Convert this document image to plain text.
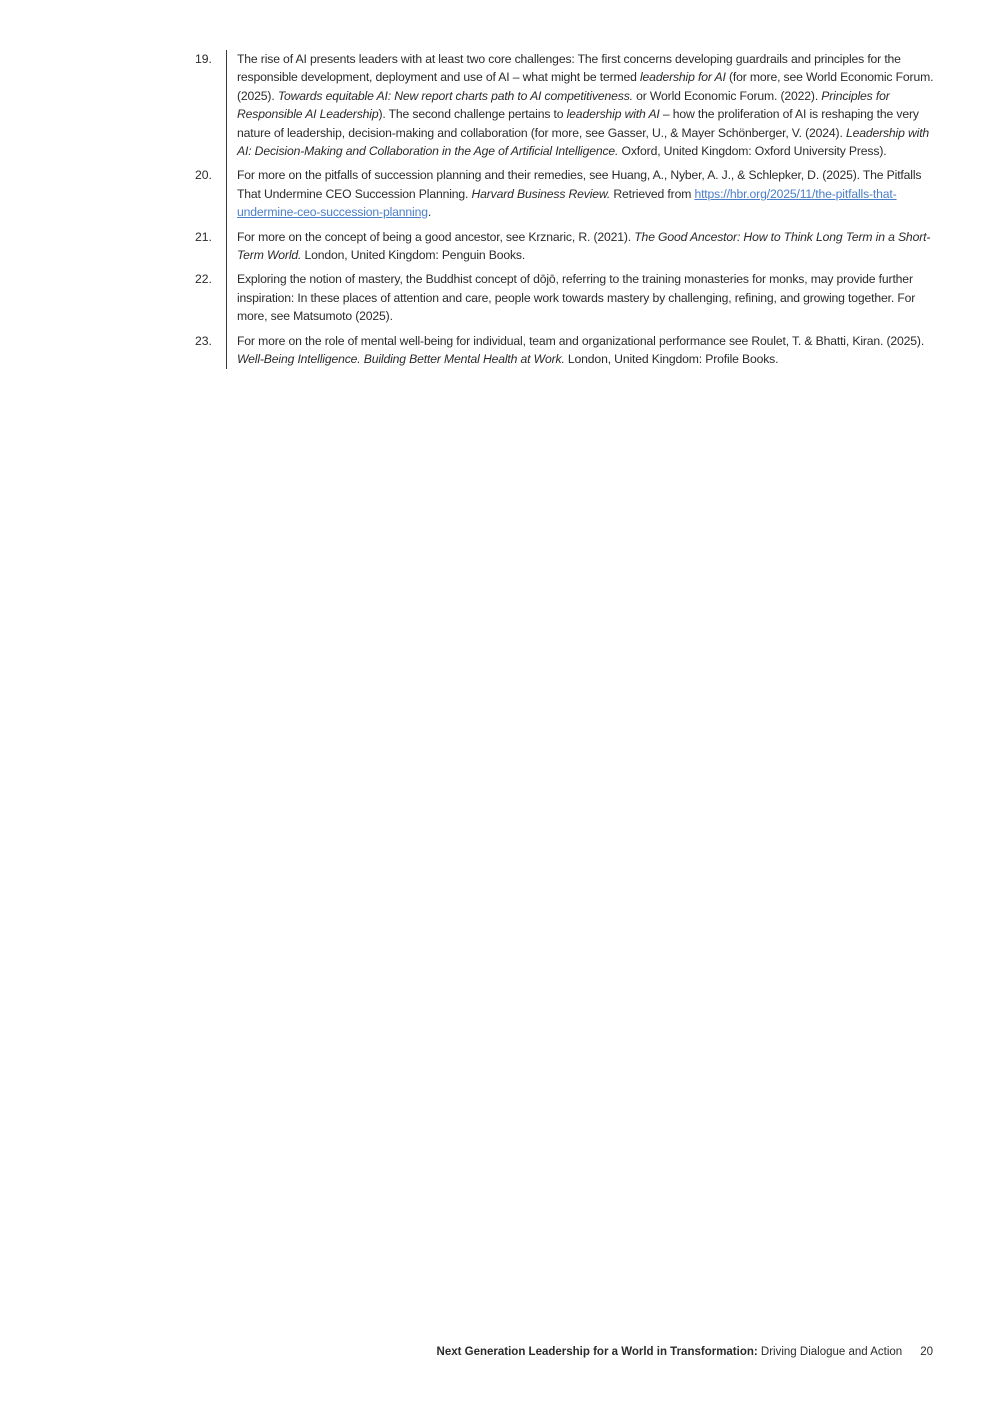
19.	The rise of AI presents leaders with at least two core challenges: The first concerns developing guardrails and principles for the responsible development, deployment and use of AI – what might be termed leadership for AI (for more, see World Economic Forum. (2025). Towards equitable AI: New report charts path to AI competitiveness. or World Economic Forum. (2022). Principles for Responsible AI Leadership). The second challenge pertains to leadership with AI – how the proliferation of AI is reshaping the very nature of leadership, decision-making and collaboration (for more, see Gasser, U., & Mayer Schönberger, V. (2024). Leadership with AI: Decision-Making and Collaboration in the Age of Artificial Intelligence. Oxford, United Kingdom: Oxford University Press).

20.	For more on the pitfalls of succession planning and their remedies, see Huang, A., Nyber, A. J., & Schlepker, D. (2025). The Pitfalls That Undermine CEO Succession Planning. Harvard Business Review. Retrieved from https://hbr.org/2025/11/the-pitfalls-that-undermine-ceo-succession-planning.

21.	For more on the concept of being a good ancestor, see Krznaric, R. (2021). The Good Ancestor: How to Think Long Term in a Short-Term World. London, United Kingdom: Penguin Books.

22.	Exploring the notion of mastery, the Buddhist concept of dōjō, referring to the training monasteries for monks, may provide further inspiration: In these places of attention and care, people work towards mastery by challenging, refining, and growing together. For more, see Matsumoto (2025).

23.	For more on the role of mental well-being for individual, team and organizational performance see Roulet, T. & Bhatti, Kiran. (2025). Well-Being Intelligence. Building Better Mental Health at Work. London, United Kingdom: Profile Books.

Next Generation Leadership for a World in Transformation: Driving Dialogue and Action 20
